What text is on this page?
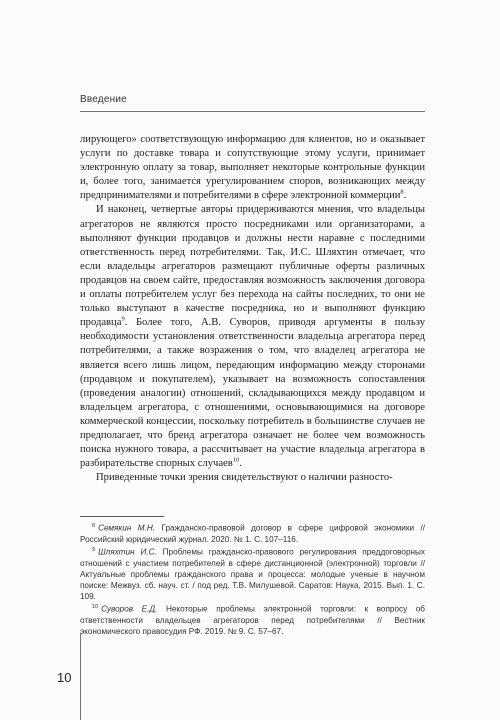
Введение

лирующего» соответствующую информацию для клиентов, но и оказывает услуги по доставке товара и сопутствующие этому услуги, принимает электронную оплату за товар, выполняет некоторые контрольные функции и, более того, занимается урегулированием споров, возникающих между предпринимателями и потребителями в сфере электронной коммерции$^8$.

И наконец, четвертые авторы придерживаются мнения, что владельцы агрегаторов не являются просто посредниками или организаторами, а выполняют функции продавцов и должны нести наравне с последними ответственность перед потребителями. Так, И.С. Шляхтин отмечает, что если владельцы агрегаторов размещают публичные оферты различных продавцов на своем сайте, предоставляя возможность заключения договора и оплаты потребителем услуг без перехода на сайты последних, то они не только выступают в качестве посредника, но и выполняют функцию продавца$^9$. Более того, А.В. Суворов, приводя аргументы в пользу необходимости установления ответственности владельца агрегатора перед потребителями, а также возражения о том, что владелец агрегатора не является всего лишь лицом, передающим информацию между сторонами (продавцом и покупателем), указывает на возможность сопоставления (проведения аналогии) отношений, складывающихся между продавцом и владельцем агрегатора, с отношениями, основывающимися на договоре коммерческой концессии, поскольку потребитель в большинстве случаев не предполагает, что бренд агрегатора означает не более чем возможность поиска нужного товара, а рассчитывает на участие владельца агрегатора в разбирательстве спорных случаев$^{10}$.

Приведенные точки зрения свидетельствуют о наличии разносто-

$^8$ Семякин М.Н. Гражданско-правовой договор в сфере цифровой экономики // Российский юридический журнал. 2020. № 1. С. 107–116.

$^9$ Шляхтин И.С. Проблемы гражданско-правового регулирования преддоговорных отношений с участием потребителей в сфере дистанционной (электронной) торговли // Актуальные проблемы гражданского права и процесса: молодые ученые в научном поиске: Межвуз. сб. науч. ст. / под ред. Т.В. Милушевой. Саратов: Наука, 2015. Вып. 1. С. 109.

$^{10}$ Суворов Е.Д. Некоторые проблемы электронной торговли: к вопросу об ответственности владельцев агрегаторов перед потребителями // Вестник экономического правосудия РФ. 2019. № 9. С. 57–67.

10
